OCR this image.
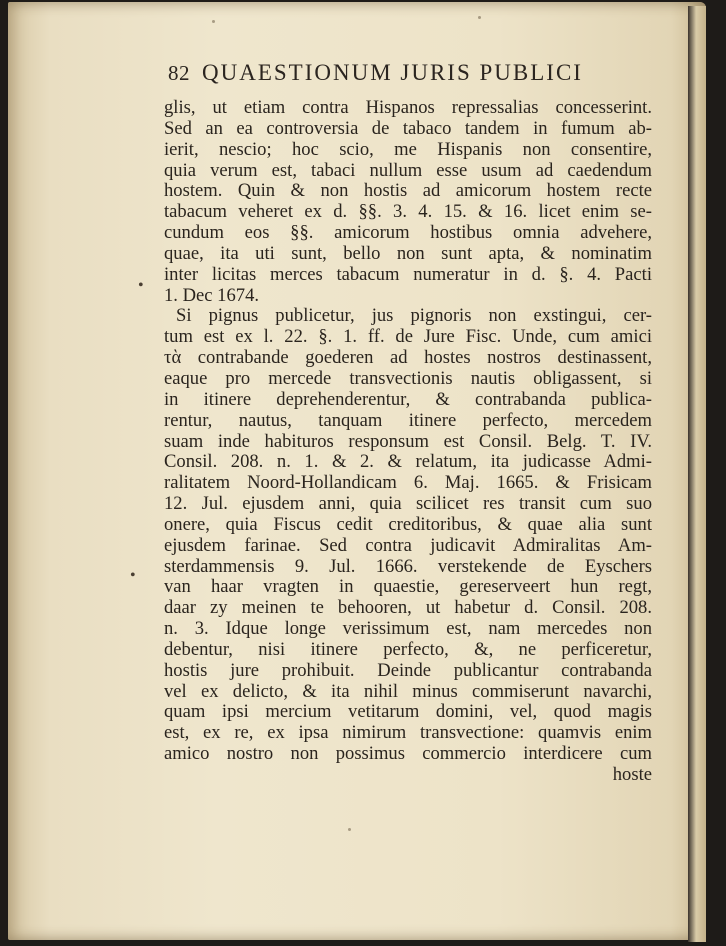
82 QUAESTIONUM JURIS PUBLICI
•
•
glis, ut etiam contra Hispanos repressalias concesserint.
Sed an ea controversia de tabaco tandem in fumum ab-
ierit, nescio; hoc scio, me Hispanis non consentire,
quia verum est, tabaci nullum esse usum ad caedendum
hostem. Quin & non hostis ad amicorum hostem recte
tabacum veheret ex d. §§. 3. 4. 15. & 16. licet enim se-
cundum eos §§. amicorum hostibus omnia advehere,
quae, ita uti sunt, bello non sunt apta, & nominatim
inter licitas merces tabacum numeratur in d. §. 4. Pacti
1. Dec 1674.
Si pignus publicetur, jus pignoris non exstingui, cer-
tum est ex l. 22. §. 1. ff. de Jure Fisc. Unde, cum amici
τὰ contrabande goederen ad hostes nostros destinassent,
eaque pro mercede transvectionis nautis obligassent, si
in itinere deprehenderentur, & contrabanda publica-
rentur, nautus, tanquam itinere perfecto, mercedem
suam inde habituros responsum est Consil. Belg. T. IV.
Consil. 208. n. 1. & 2. & relatum, ita judicasse Admi-
ralitatem Noord-Hollandicam 6. Maj. 1665. & Frisicam
12. Jul. ejusdem anni, quia scilicet res transit cum suo
onere, quia Fiscus cedit creditoribus, & quae alia sunt
ejusdem farinae. Sed contra judicavit Admiralitas Am-
sterdammensis 9. Jul. 1666. verstekende de Eyschers
van haar vragten in quaestie, gereserveert hun regt,
daar zy meinen te behooren, ut habetur d. Consil. 208.
n. 3. Idque longe verissimum est, nam mercedes non
debentur, nisi itinere perfecto, &, ne perficeretur,
hostis jure prohibuit. Deinde publicantur contrabanda
vel ex delicto, & ita nihil minus commiserunt navarchi,
quam ipsi mercium vetitarum domini, vel, quod magis
est, ex re, ex ipsa nimirum transvectione: quamvis enim
amico nostro non possimus commercio interdicere cum
hoste
